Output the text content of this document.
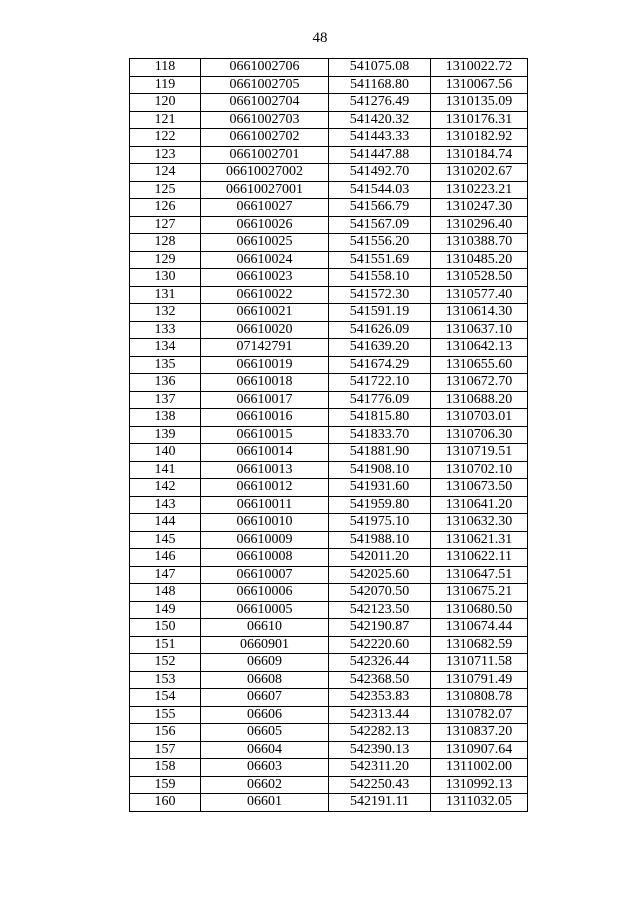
48
118	0661002706	541075.08	1310022.72
119	0661002705	541168.80	1310067.56
120	0661002704	541276.49	1310135.09
121	0661002703	541420.32	1310176.31
122	0661002702	541443.33	1310182.92
123	0661002701	541447.88	1310184.74
124	06610027002	541492.70	1310202.67
125	06610027001	541544.03	1310223.21
126	06610027	541566.79	1310247.30
127	06610026	541567.09	1310296.40
128	06610025	541556.20	1310388.70
129	06610024	541551.69	1310485.20
130	06610023	541558.10	1310528.50
131	06610022	541572.30	1310577.40
132	06610021	541591.19	1310614.30
133	06610020	541626.09	1310637.10
134	07142791	541639.20	1310642.13
135	06610019	541674.29	1310655.60
136	06610018	541722.10	1310672.70
137	06610017	541776.09	1310688.20
138	06610016	541815.80	1310703.01
139	06610015	541833.70	1310706.30
140	06610014	541881.90	1310719.51
141	06610013	541908.10	1310702.10
142	06610012	541931.60	1310673.50
143	06610011	541959.80	1310641.20
144	06610010	541975.10	1310632.30
145	06610009	541988.10	1310621.31
146	06610008	542011.20	1310622.11
147	06610007	542025.60	1310647.51
148	06610006	542070.50	1310675.21
149	06610005	542123.50	1310680.50
150	06610	542190.87	1310674.44
151	0660901	542220.60	1310682.59
152	06609	542326.44	1310711.58
153	06608	542368.50	1310791.49
154	06607	542353.83	1310808.78
155	06606	542313.44	1310782.07
156	06605	542282.13	1310837.20
157	06604	542390.13	1310907.64
158	06603	542311.20	1311002.00
159	06602	542250.43	1310992.13
160	06601	542191.11	1311032.05
